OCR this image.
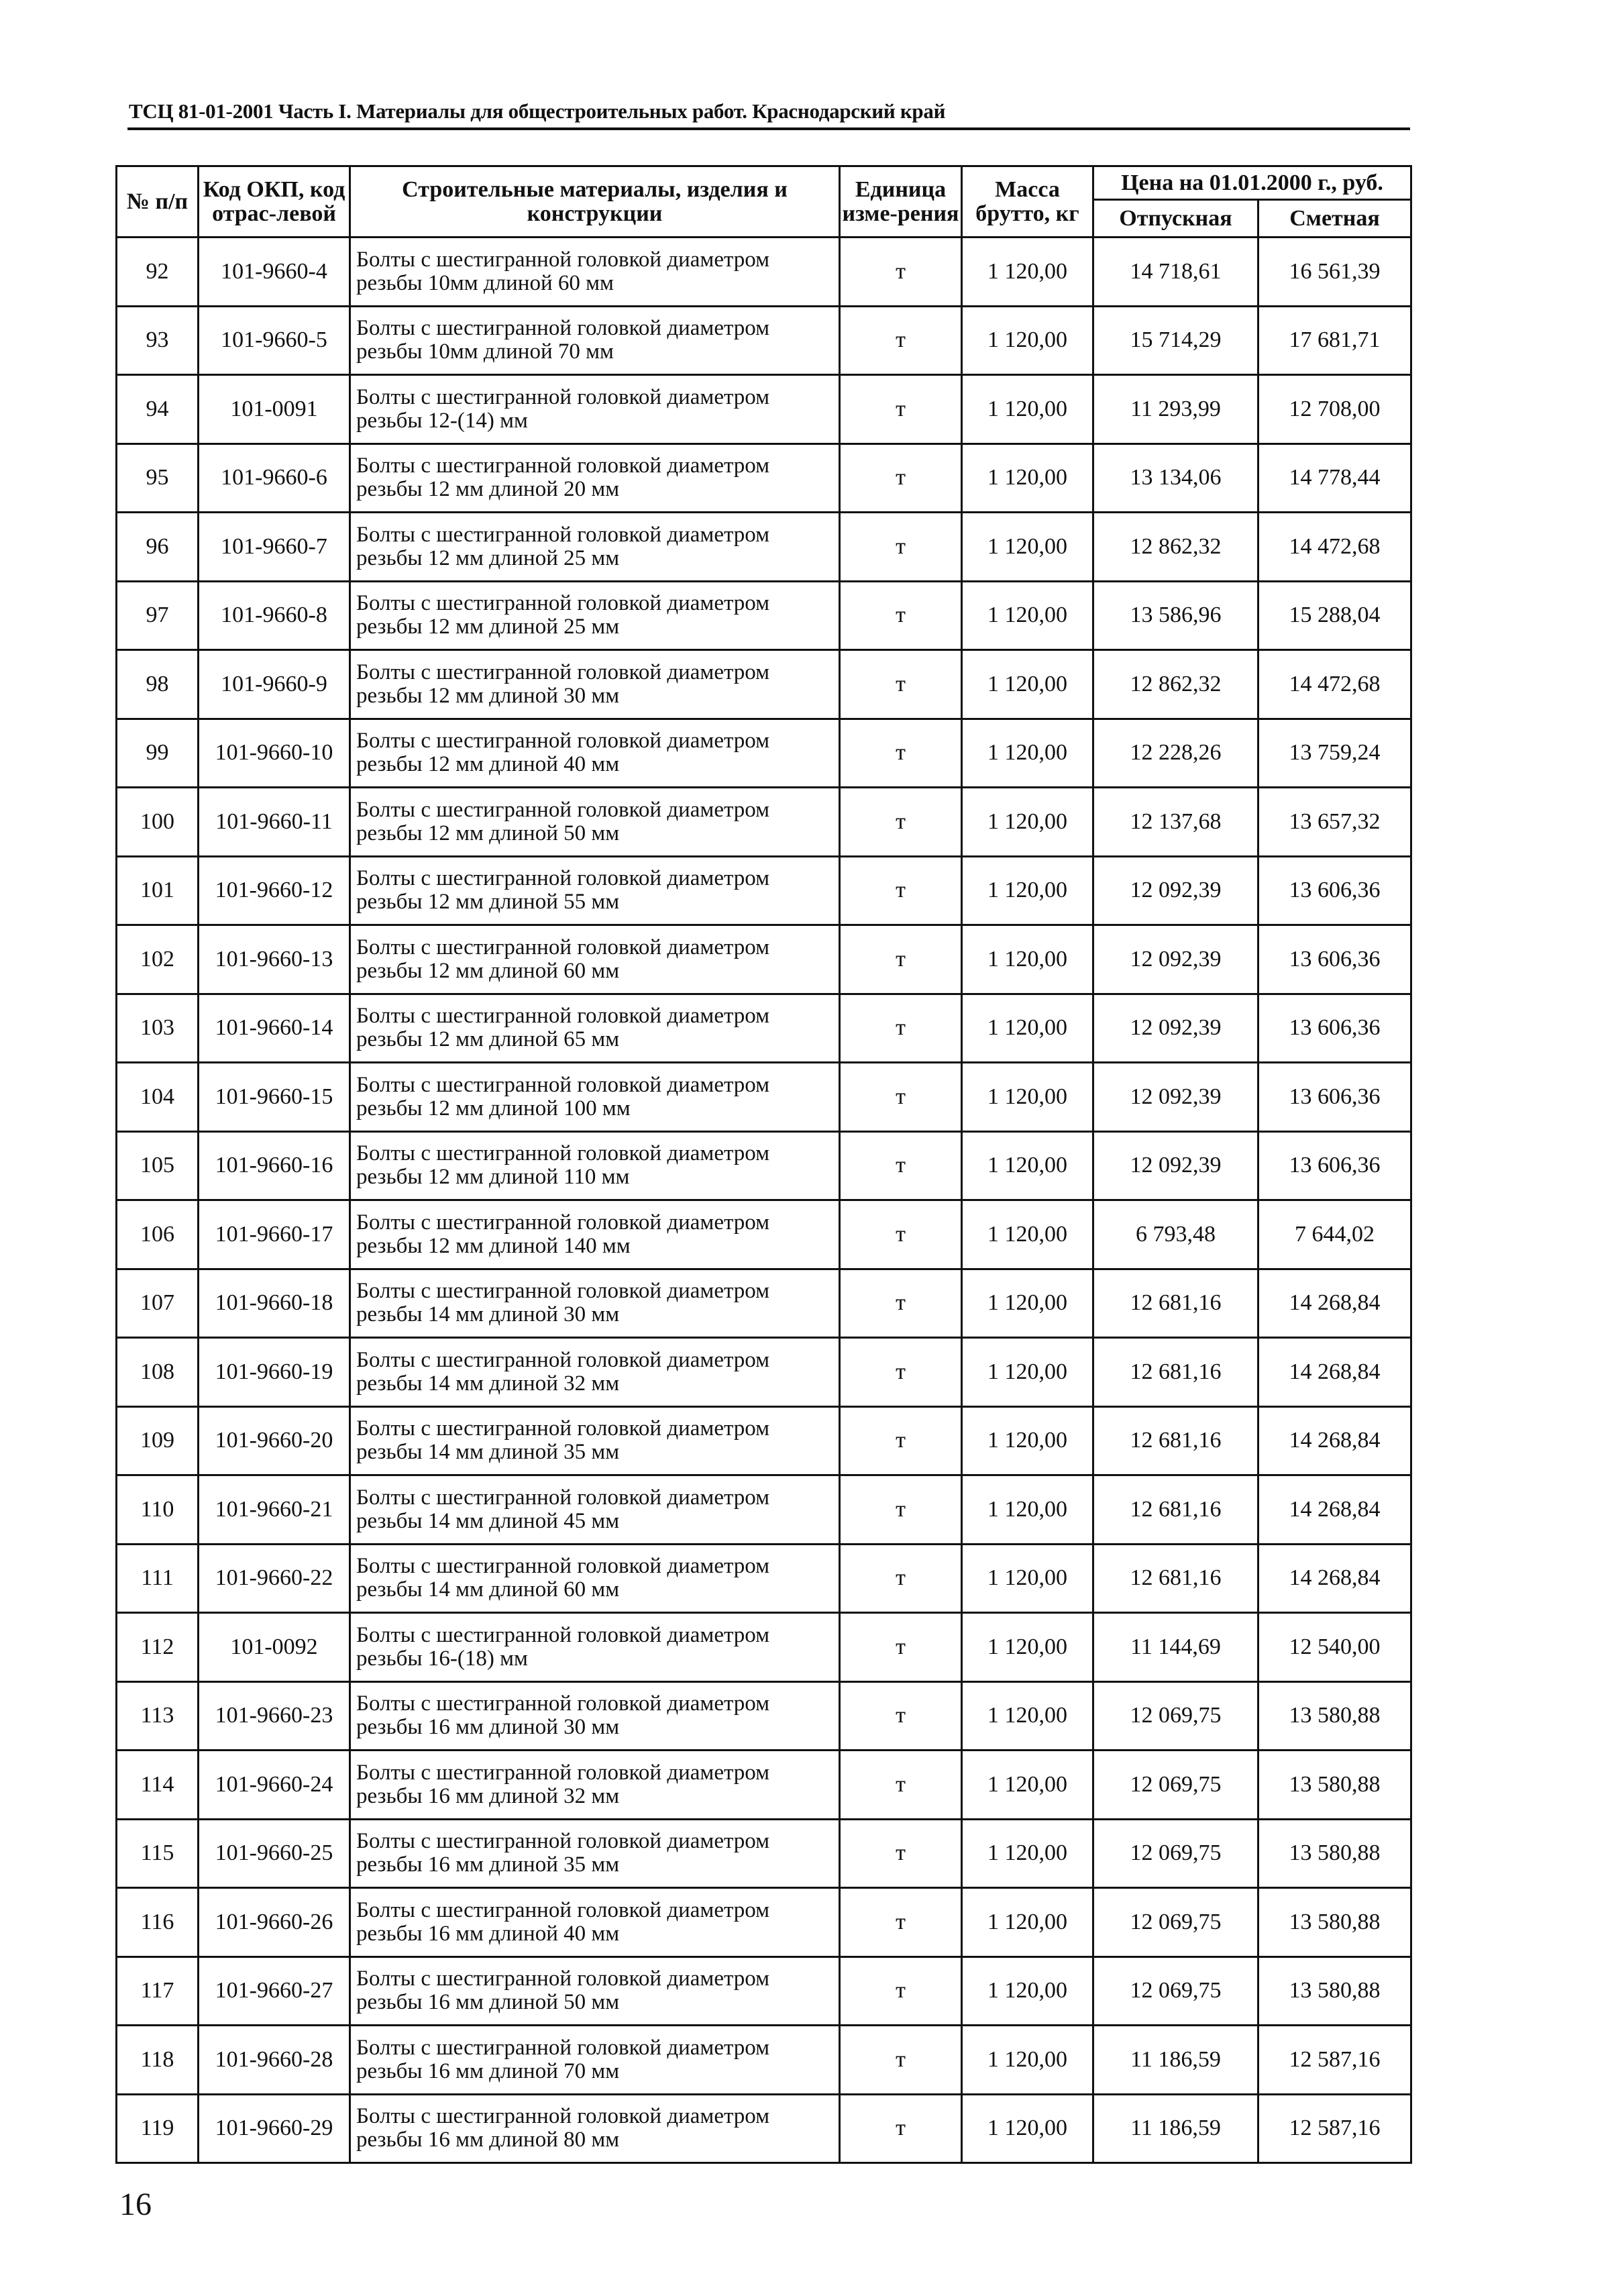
ТСЦ 81-01-2001 Часть I. Материалы для общестроительных работ. Краснодарский край
№ п/п	Код ОКП, код отрас-левой	Строительные материалы, изделия и конструкции	Единица изме-рения	Масса брутто, кг	Цена на 01.01.2000 г., руб.	
					Отпускная	Сметная
92	101-9660-4	Болты с шестигранной головкой диаметром резьбы 10мм длиной 60 мм	т	1 120,00	14 718,61	16 561,39
93	101-9660-5	Болты с шестигранной головкой диаметром резьбы 10мм длиной 70 мм	т	1 120,00	15 714,29	17 681,71
94	101-0091	Болты с шестигранной головкой диаметром резьбы 12-(14) мм	т	1 120,00	11 293,99	12 708,00
95	101-9660-6	Болты с шестигранной головкой диаметром резьбы 12 мм длиной 20 мм	т	1 120,00	13 134,06	14 778,44
96	101-9660-7	Болты с шестигранной головкой диаметром резьбы 12 мм длиной 25 мм	т	1 120,00	12 862,32	14 472,68
97	101-9660-8	Болты с шестигранной головкой диаметром резьбы 12 мм длиной 25 мм	т	1 120,00	13 586,96	15 288,04
98	101-9660-9	Болты с шестигранной головкой диаметром резьбы 12 мм длиной 30 мм	т	1 120,00	12 862,32	14 472,68
99	101-9660-10	Болты с шестигранной головкой диаметром резьбы 12 мм длиной 40 мм	т	1 120,00	12 228,26	13 759,24
100	101-9660-11	Болты с шестигранной головкой диаметром резьбы 12 мм длиной 50 мм	т	1 120,00	12 137,68	13 657,32
101	101-9660-12	Болты с шестигранной головкой диаметром резьбы 12 мм длиной 55 мм	т	1 120,00	12 092,39	13 606,36
102	101-9660-13	Болты с шестигранной головкой диаметром резьбы 12 мм длиной 60 мм	т	1 120,00	12 092,39	13 606,36
103	101-9660-14	Болты с шестигранной головкой диаметром резьбы 12 мм длиной 65 мм	т	1 120,00	12 092,39	13 606,36
104	101-9660-15	Болты с шестигранной головкой диаметром резьбы 12 мм длиной 100 мм	т	1 120,00	12 092,39	13 606,36
105	101-9660-16	Болты с шестигранной головкой диаметром резьбы 12 мм длиной 110 мм	т	1 120,00	12 092,39	13 606,36
106	101-9660-17	Болты с шестигранной головкой диаметром резьбы 12 мм длиной 140 мм	т	1 120,00	6 793,48	7 644,02
107	101-9660-18	Болты с шестигранной головкой диаметром резьбы 14 мм длиной 30 мм	т	1 120,00	12 681,16	14 268,84
108	101-9660-19	Болты с шестигранной головкой диаметром резьбы 14 мм длиной 32 мм	т	1 120,00	12 681,16	14 268,84
109	101-9660-20	Болты с шестигранной головкой диаметром резьбы 14 мм длиной 35 мм	т	1 120,00	12 681,16	14 268,84
110	101-9660-21	Болты с шестигранной головкой диаметром резьбы 14 мм длиной 45 мм	т	1 120,00	12 681,16	14 268,84
111	101-9660-22	Болты с шестигранной головкой диаметром резьбы 14 мм длиной 60 мм	т	1 120,00	12 681,16	14 268,84
112	101-0092	Болты с шестигранной головкой диаметром резьбы 16-(18) мм	т	1 120,00	11 144,69	12 540,00
113	101-9660-23	Болты с шестигранной головкой диаметром резьбы 16 мм длиной 30 мм	т	1 120,00	12 069,75	13 580,88
114	101-9660-24	Болты с шестигранной головкой диаметром резьбы 16 мм длиной 32 мм	т	1 120,00	12 069,75	13 580,88
115	101-9660-25	Болты с шестигранной головкой диаметром резьбы 16 мм длиной 35 мм	т	1 120,00	12 069,75	13 580,88
116	101-9660-26	Болты с шестигранной головкой диаметром резьбы 16 мм длиной 40 мм	т	1 120,00	12 069,75	13 580,88
117	101-9660-27	Болты с шестигранной головкой диаметром резьбы 16 мм длиной 50 мм	т	1 120,00	12 069,75	13 580,88
118	101-9660-28	Болты с шестигранной головкой диаметром резьбы 16 мм длиной 70 мм	т	1 120,00	11 186,59	12 587,16
119	101-9660-29	Болты с шестигранной головкой диаметром резьбы 16 мм длиной 80 мм	т	1 120,00	11 186,59	12 587,16
16
